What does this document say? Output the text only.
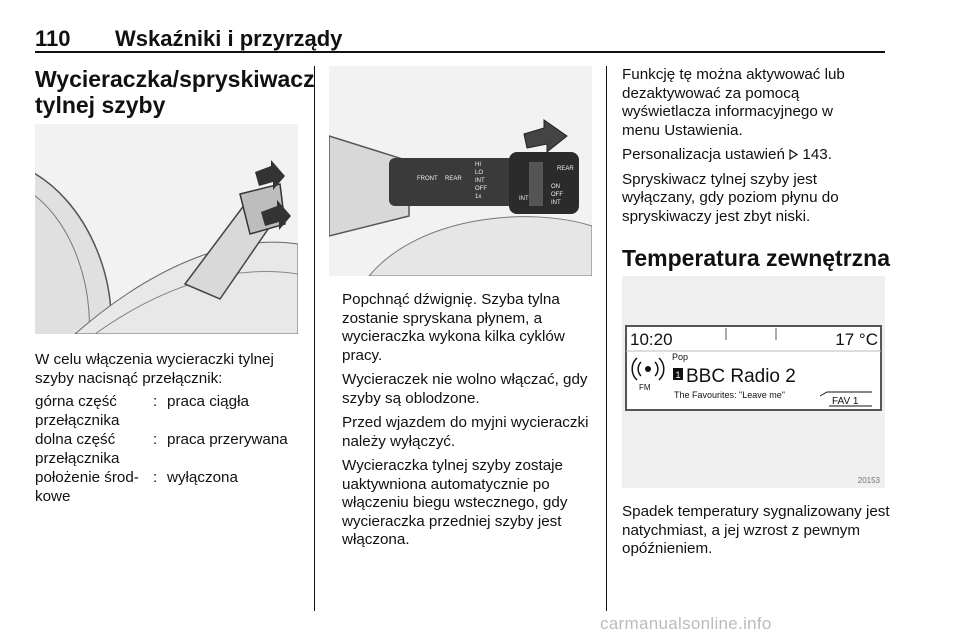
110 Wskaźniki i przyrządy
Wycieraczka/spryskiwacz
tylnej szyby

W celu włączenia wycieraczki tylnej szyby nacisnąć przełącznik:

górna część przełącznika
: praca ciągła
dolna część przełącznika
: praca przerywana
położenie środ-kowe
: wyłączona
FRONT REAR
HI
LO
INT
OFF
1x
REAR
ON
OFF
INT
INT

Popchnąć dźwignię. Szyba tylna zostanie spryskana płynem, a wycieraczka wykona kilka cyklów pracy.

Wycieraczek nie wolno włączać, gdy szyby są oblodzone.

Przed wjazdem do myjni wycieraczki należy wyłączyć.

Wycieraczka tylnej szyby zostaje uaktywniona automatycznie po włączeniu biegu wstecznego, gdy wycieraczka przedniej szyby jest włączona.

Funkcję tę można aktywować lub dezaktywować za pomocą wyświetlacza informacyjnego w menu Ustawienia.

Personalizacja ustawień 143.

Spryskiwacz tylnej szyby jest wyłączany, gdy poziom płynu do spryskiwaczy jest zbyt niski.

Temperatura zewnętrzna
10:20	17 °C
FM
Pop
1 BBC Radio 2
The Favourites: "Leave me"
FAV 1
20153

Spadek temperatury sygnalizowany jest natychmiast, a jej wzrost z pewnym opóźnieniem.

carmanualsonline.info
